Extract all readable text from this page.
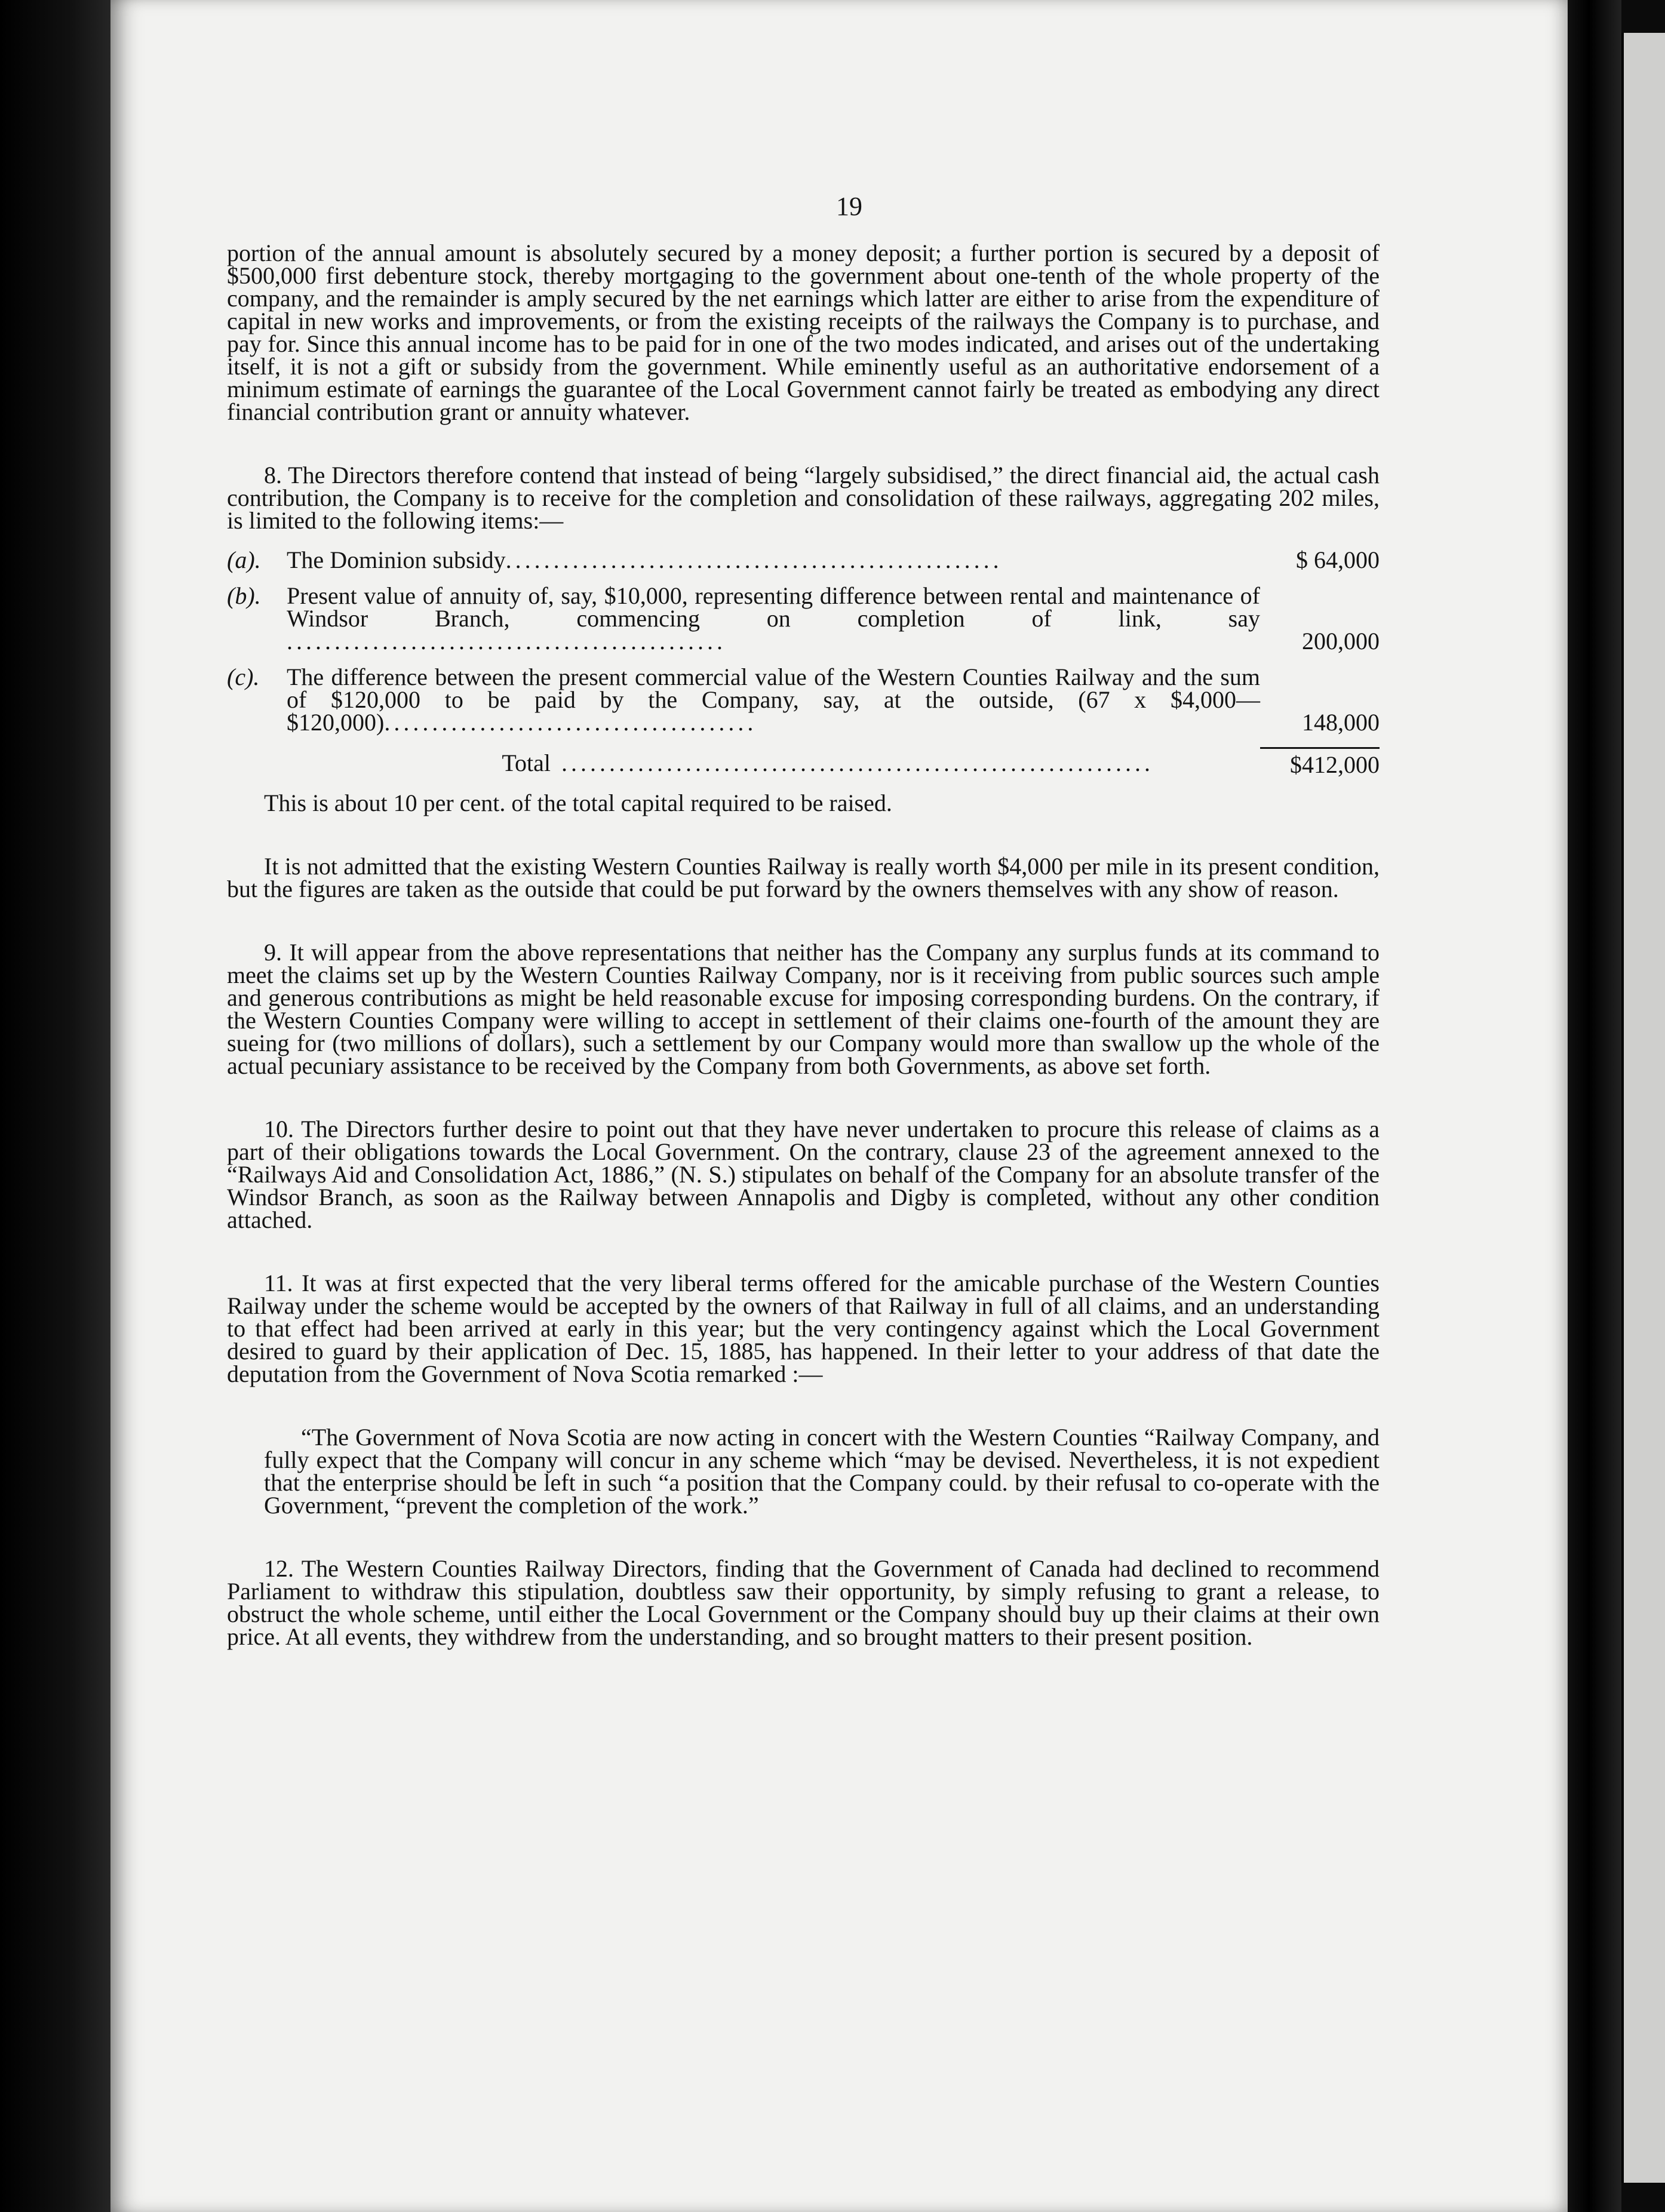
19

portion of the annual amount is absolutely secured by a money deposit; a further portion is secured by a deposit of $500,000 first debenture stock, thereby mortgaging to the government about one-tenth of the whole property of the company, and the remainder is amply secured by the net earnings which latter are either to arise from the expenditure of capital in new works and improvements, or from the existing receipts of the railways the Company is to purchase, and pay for. Since this annual income has to be paid for in one of the two modes indicated, and arises out of the undertaking itself, it is not a gift or subsidy from the government. While eminently useful as an authoritative endorsement of a minimum estimate of earnings the guarantee of the Local Government cannot fairly be treated as embodying any direct financial contribution grant or annuity whatever.

8. The Directors therefore contend that instead of being “largely subsidised,” the direct financial aid, the actual cash contribution, the Company is to receive for the completion and consolidation of these railways, aggregating 202 miles, is limited to the following items:—

(a).	The Dominion subsidy....................................................	$ 64,000
(b).	Present value of annuity of, say, $10,000, representing difference between rental and maintenance of Windsor Branch, commencing on completion of link, say ..............................................	200,000
(c).	The difference between the present commercial value of the Western Counties Railway and the sum of $120,000 to be paid by the Company, say, at the outside, (67 x $4,000—$120,000).......................................	148,000
Total ..............................................................	$412,000

This is about 10 per cent. of the total capital required to be raised.

It is not admitted that the existing Western Counties Railway is really worth $4,000 per mile in its present condition, but the figures are taken as the outside that could be put forward by the owners themselves with any show of reason.

9. It will appear from the above representations that neither has the Company any surplus funds at its command to meet the claims set up by the Western Counties Railway Company, nor is it receiving from public sources such ample and generous contributions as might be held reasonable excuse for imposing corresponding burdens. On the contrary, if the Western Counties Company were willing to accept in settlement of their claims one-fourth of the amount they are sueing for (two millions of dollars), such a settlement by our Company would more than swallow up the whole of the actual pecuniary assistance to be received by the Company from both Governments, as above set forth.

10. The Directors further desire to point out that they have never undertaken to procure this release of claims as a part of their obligations towards the Local Government. On the contrary, clause 23 of the agreement annexed to the “Railways Aid and Consolidation Act, 1886,” (N. S.) stipulates on behalf of the Company for an absolute transfer of the Windsor Branch, as soon as the Railway between Annapolis and Digby is completed, without any other condition attached.

11. It was at first expected that the very liberal terms offered for the amicable purchase of the Western Counties Railway under the scheme would be accepted by the owners of that Railway in full of all claims, and an understanding to that effect had been arrived at early in this year; but the very contingency against which the Local Government desired to guard by their application of Dec. 15, 1885, has happened. In their letter to your address of that date the deputation from the Government of Nova Scotia remarked :—

“The Government of Nova Scotia are now acting in concert with the Western Counties “Railway Company, and fully expect that the Company will concur in any scheme which “may be devised. Nevertheless, it is not expedient that the enterprise should be left in such “a position that the Company could. by their refusal to co-operate with the Government, “prevent the completion of the work.”

12. The Western Counties Railway Directors, finding that the Government of Canada had declined to recommend Parliament to withdraw this stipulation, doubtless saw their opportunity, by simply refusing to grant a release, to obstruct the whole scheme, until either the Local Government or the Company should buy up their claims at their own price. At all events, they withdrew from the understanding, and so brought matters to their present position.
